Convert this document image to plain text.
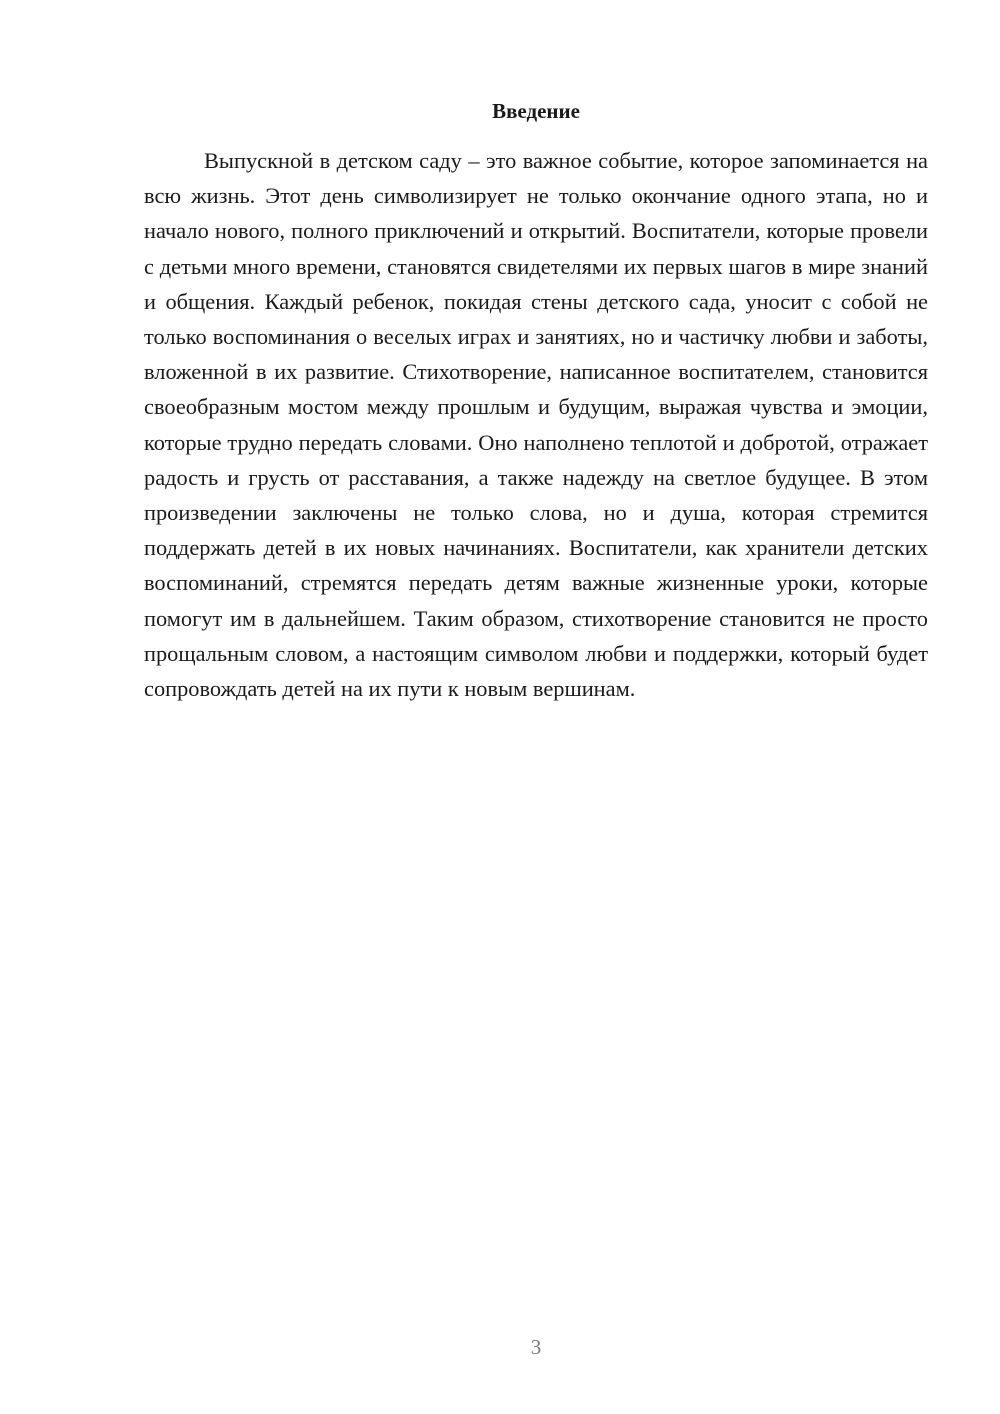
Введение

Выпускной в детском саду – это важное событие, которое запоминается на всю жизнь. Этот день символизирует не только окончание одного этапа, но и начало нового, полного приключений и открытий. Воспитатели, которые провели с детьми много времени, становятся свидетелями их первых шагов в мире знаний и общения. Каждый ребенок, покидая стены детского сада, уносит с собой не только воспоминания о веселых играх и занятиях, но и частичку любви и заботы, вложенной в их развитие. Стихотворение, написанное воспитателем, становится своеобразным мостом между прошлым и будущим, выражая чувства и эмоции, которые трудно передать словами. Оно наполнено теплотой и добротой, отражает радость и грусть от расставания, а также надежду на светлое будущее. В этом произведении заключены не только слова, но и душа, которая стремится поддержать детей в их новых начинаниях. Воспитатели, как хранители детских воспоминаний, стремятся передать детям важные жизненные уроки, которые помогут им в дальнейшем. Таким образом, стихотворение становится не просто прощальным словом, а настоящим символом любви и поддержки, который будет сопровождать детей на их пути к новым вершинам.

3
